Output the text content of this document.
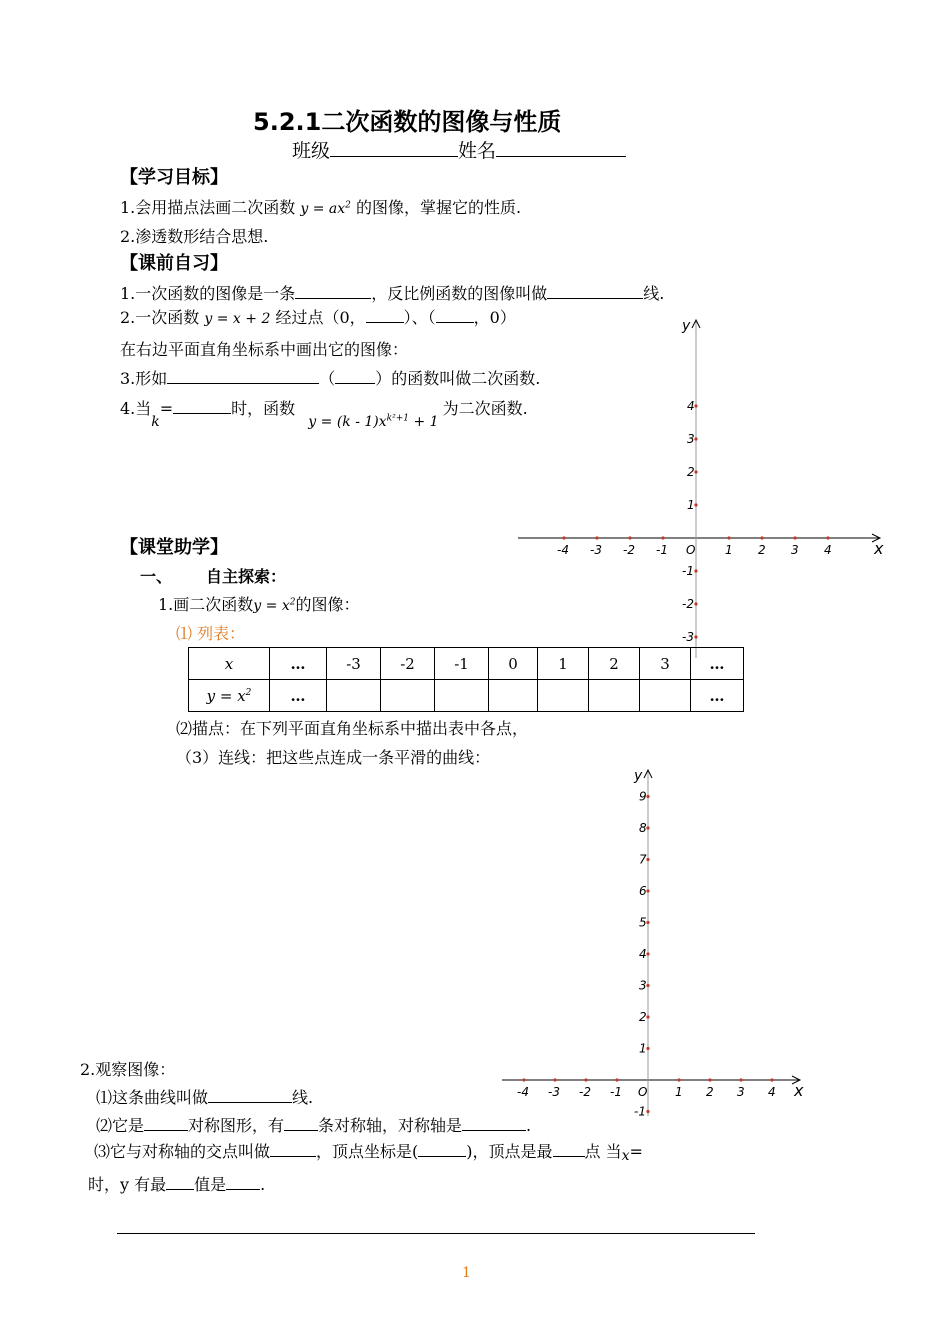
5.2.1二次函数的图像与性质
班级	姓名
【学习目标】
1.会用描点法画二次函数 $y = ax^2$ 的图像，掌握它的性质.
2.渗透数形结合思想.
【课前自习】
1.一次函数的图像是一条	，反比例函数的图像叫做	线.
2.一次函数 y = x + 2 经过点（0， ）、（ ，0）
在右边平面直角坐标系中画出它的图像：
3.形如	（	）的函数叫做二次函数.
4.当k=	时，函数 $y = (k - 1)x^{k^2+1} + 1$为二次函数.
x
y
O
-4 -3 -2 -1	1 2 3 4
4
3
2
1
-1
-2
-3
【课堂助学】
一、 自主探索：
1.画二次函数$y = x^2$的图像：
⑴ 列表：
x	…	-3	-2	-1	0	1	2	3	…
$y = x^2$	…								…
⑵描点：在下列平面直角坐标系中描出表中各点，
（3）连线：把这些点连成一条平滑的曲线：
x
y
O
-4 -3 -2 -1	1 2 3 4
9
8
7
6
5
4
3
2
1
-1
2.观察图像：
⑴这条曲线叫做	线.
⑵它是	对称图形，有 条对称轴，对称轴是	.
⑶它与对称轴的交点叫做	，顶点坐标是(	)，顶点是最 点 当x=
时，y 有最 值是 .
1
